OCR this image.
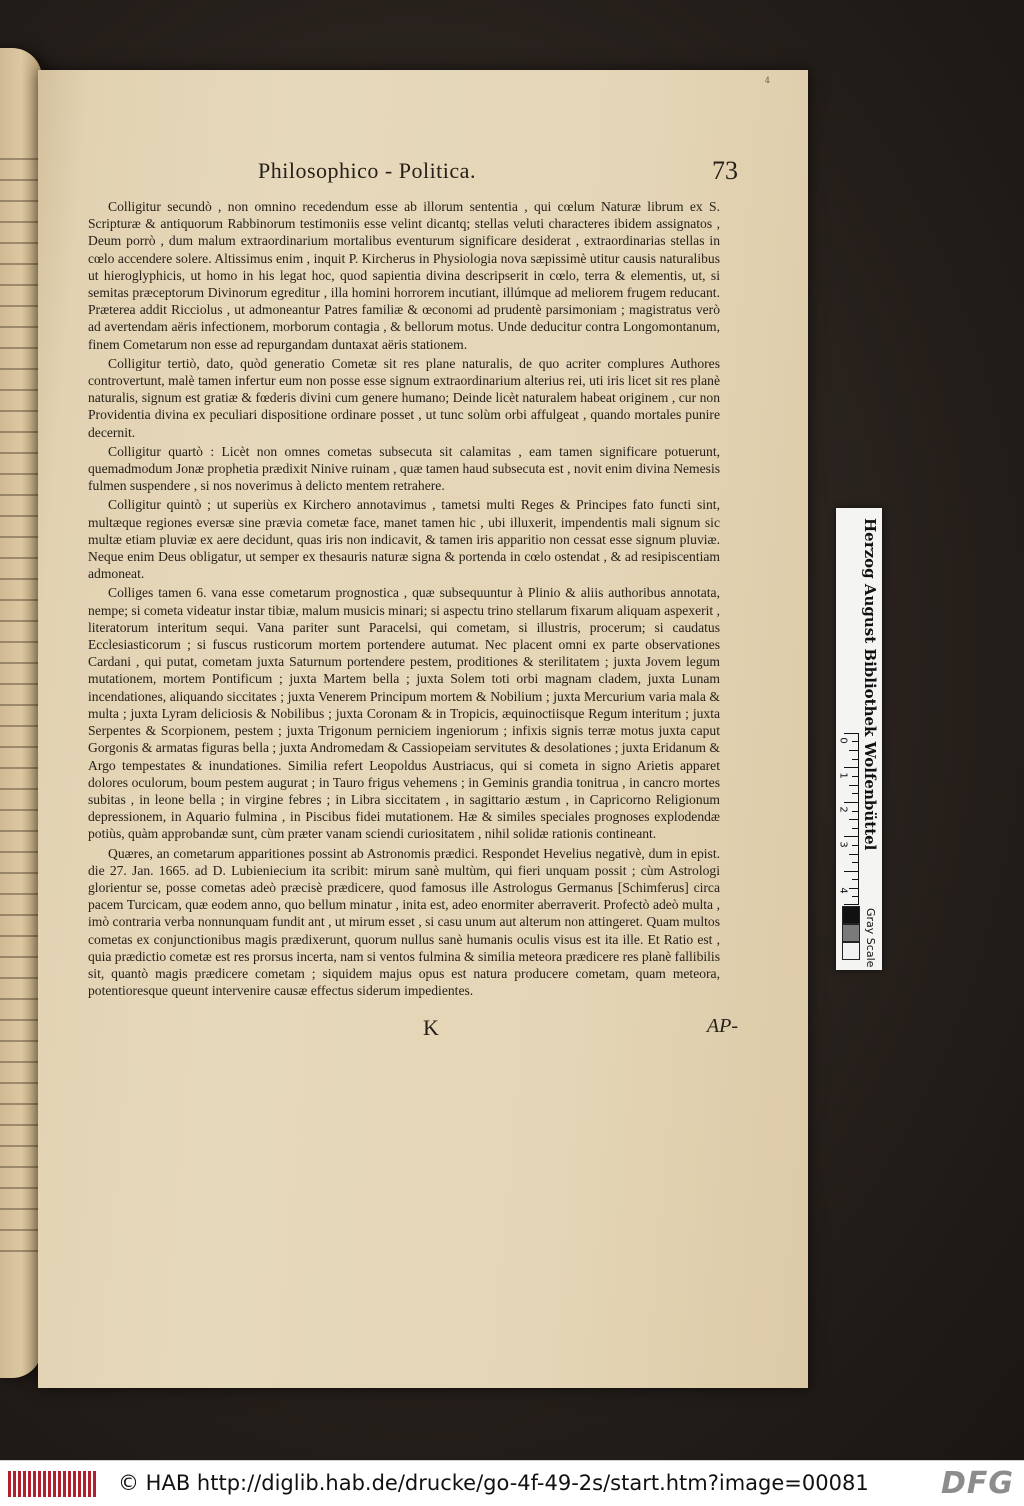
4
Philosophico - Politica.	73

Colligitur secundò , non omnino recedendum esse ab illorum sententia , qui cœlum Naturæ librum ex S. Scripturæ & antiquorum Rabbinorum testimoniis esse velint dicantq; stellas veluti characteres ibidem assignatos , Deum porrò , dum malum extraordinarium mortalibus eventurum significare desiderat , extraordinarias stellas in cœlo accendere solere. Altissimus enim , inquit P. Kircherus in Physiologia nova sæpissimè utitur causis naturalibus ut hieroglyphicis, ut homo in his legat hoc, quod sapientia divina descripserit in cœlo, terra & elementis, ut, si semitas præceptorum Divinorum egreditur , illa homini horrorem incutiant, illúmque ad meliorem frugem reducant. Præterea addit Ricciolus , ut admoneantur Patres familiæ & œconomi ad prudentè parsimoniam ; magistratus verò ad avertendam aëris infectionem, morborum contagia , & bellorum motus. Unde deducitur contra Longomontanum, finem Cometarum non esse ad repurgandam duntaxat aëris stationem.

Colligitur tertiò, dato, quòd generatio Cometæ sit res plane naturalis, de quo acriter complures Authores controvertunt, malè tamen infertur eum non posse esse signum extraordinarium alterius rei, uti iris licet sit res planè naturalis, signum est gratiæ & fœderis divini cum genere humano; Deinde licèt naturalem habeat originem , cur non Providentia divina ex peculiari dispositione ordinare posset , ut tunc solùm orbi affulgeat , quando mortales punire decernit.

Colligitur quartò : Licèt non omnes cometas subsecuta sit calamitas , eam tamen significare potuerunt, quemadmodum Jonæ prophetia prædixit Ninive ruinam , quæ tamen haud subsecuta est , novit enim divina Nemesis fulmen suspendere , si nos noverimus à delicto mentem retrahere.

Colligitur quintò ; ut superiùs ex Kirchero annotavimus , tametsi multi Reges & Principes fato functi sint, multæque regiones eversæ sine prævia cometæ face, manet tamen hic , ubi illuxerit, impendentis mali signum sic multæ etiam pluviæ ex aere decidunt, quas iris non indicavit, & tamen iris apparitio non cessat esse signum pluviæ. Neque enim Deus obligatur, ut semper ex thesauris naturæ signa & portenda in cœlo ostendat , & ad resipiscentiam admoneat.

Colliges tamen 6. vana esse cometarum prognostica , quæ subsequuntur à Plinio & aliis authoribus annotata, nempe; si cometa videatur instar tibiæ, malum musicis minari; si aspectu trino stellarum fixarum aliquam aspexerit , literatorum interitum sequi. Vana pariter sunt Paracelsi, qui cometam, si illustris, procerum; si caudatus Ecclesiasticorum ; si fuscus rusticorum mortem portendere autumat. Nec placent omni ex parte observationes Cardani , qui putat, cometam juxta Saturnum portendere pestem, proditiones & sterilitatem ; juxta Jovem legum mutationem, mortem Pontificum ; juxta Martem bella ; juxta Solem toti orbi magnam cladem, juxta Lunam incendationes, aliquando siccitates ; juxta Venerem Principum mortem & Nobilium ; juxta Mercurium varia mala & multa ; juxta Lyram deliciosis & Nobilibus ; juxta Coronam & in Tropicis, æquinoctiisque Regum interitum ; juxta Serpentes & Scorpionem, pestem ; juxta Trigonum perniciem ingeniorum ; infixis signis terræ motus juxta caput Gorgonis & armatas figuras bella ; juxta Andromedam & Cassiopeiam servitutes & desolationes ; juxta Eridanum & Argo tempestates & inundationes. Similia refert Leopoldus Austriacus, qui si cometa in signo Arietis apparet dolores oculorum, boum pestem augurat ; in Tauro frigus vehemens ; in Geminis grandia tonitrua , in cancro mortes subitas , in leone bella ; in virgine febres ; in Libra siccitatem , in sagittario æstum , in Capricorno Religionum depressionem, in Aquario fulmina , in Piscibus fidei mutationem. Hæ & similes speciales prognoses explodendæ potiùs, quàm approbandæ sunt, cùm præter vanam sciendi curiositatem , nihil solidæ rationis contineant.

Quæres, an cometarum apparitiones possint ab Astronomis prædici. Respondet Hevelius negativè, dum in epist. die 27. Jan. 1665. ad D. Lubieniecium ita scribit: mirum sanè multùm, qui fieri unquam possit ; cùm Astrologi glorientur se, posse cometas adeò præcisè prædicere, quod famosus ille Astrologus Germanus [Schimferus] circa pacem Turcicam, quæ eodem anno, quo bellum minatur , inita est, adeo enormiter aberraverit. Profectò adeò multa , imò contraria verba nonnunquam fundit ant , ut mirum esset , si casu unum aut alterum non attingeret. Quam multos cometas ex conjunctionibus magis prædixerunt, quorum nullus sanè humanis oculis visus est ita ille. Et Ratio est , quia prædictio cometæ est res prorsus incerta, nam si ventos fulmina & similia meteora prædicere res planè fallibilis sit, quantò magis prædicere cometam ; siquidem majus opus est natura producere cometam, quam meteora, potentioresque queunt intervenire causæ effectus siderum impedientes.

K	AP-
Herzog August Bibliothek Wolfenbüttel
0
1
2
3
4
Gray Scale
© HAB http://diglib.hab.de/drucke/go-4f-49-2s/start.htm?image=00081 DFG
